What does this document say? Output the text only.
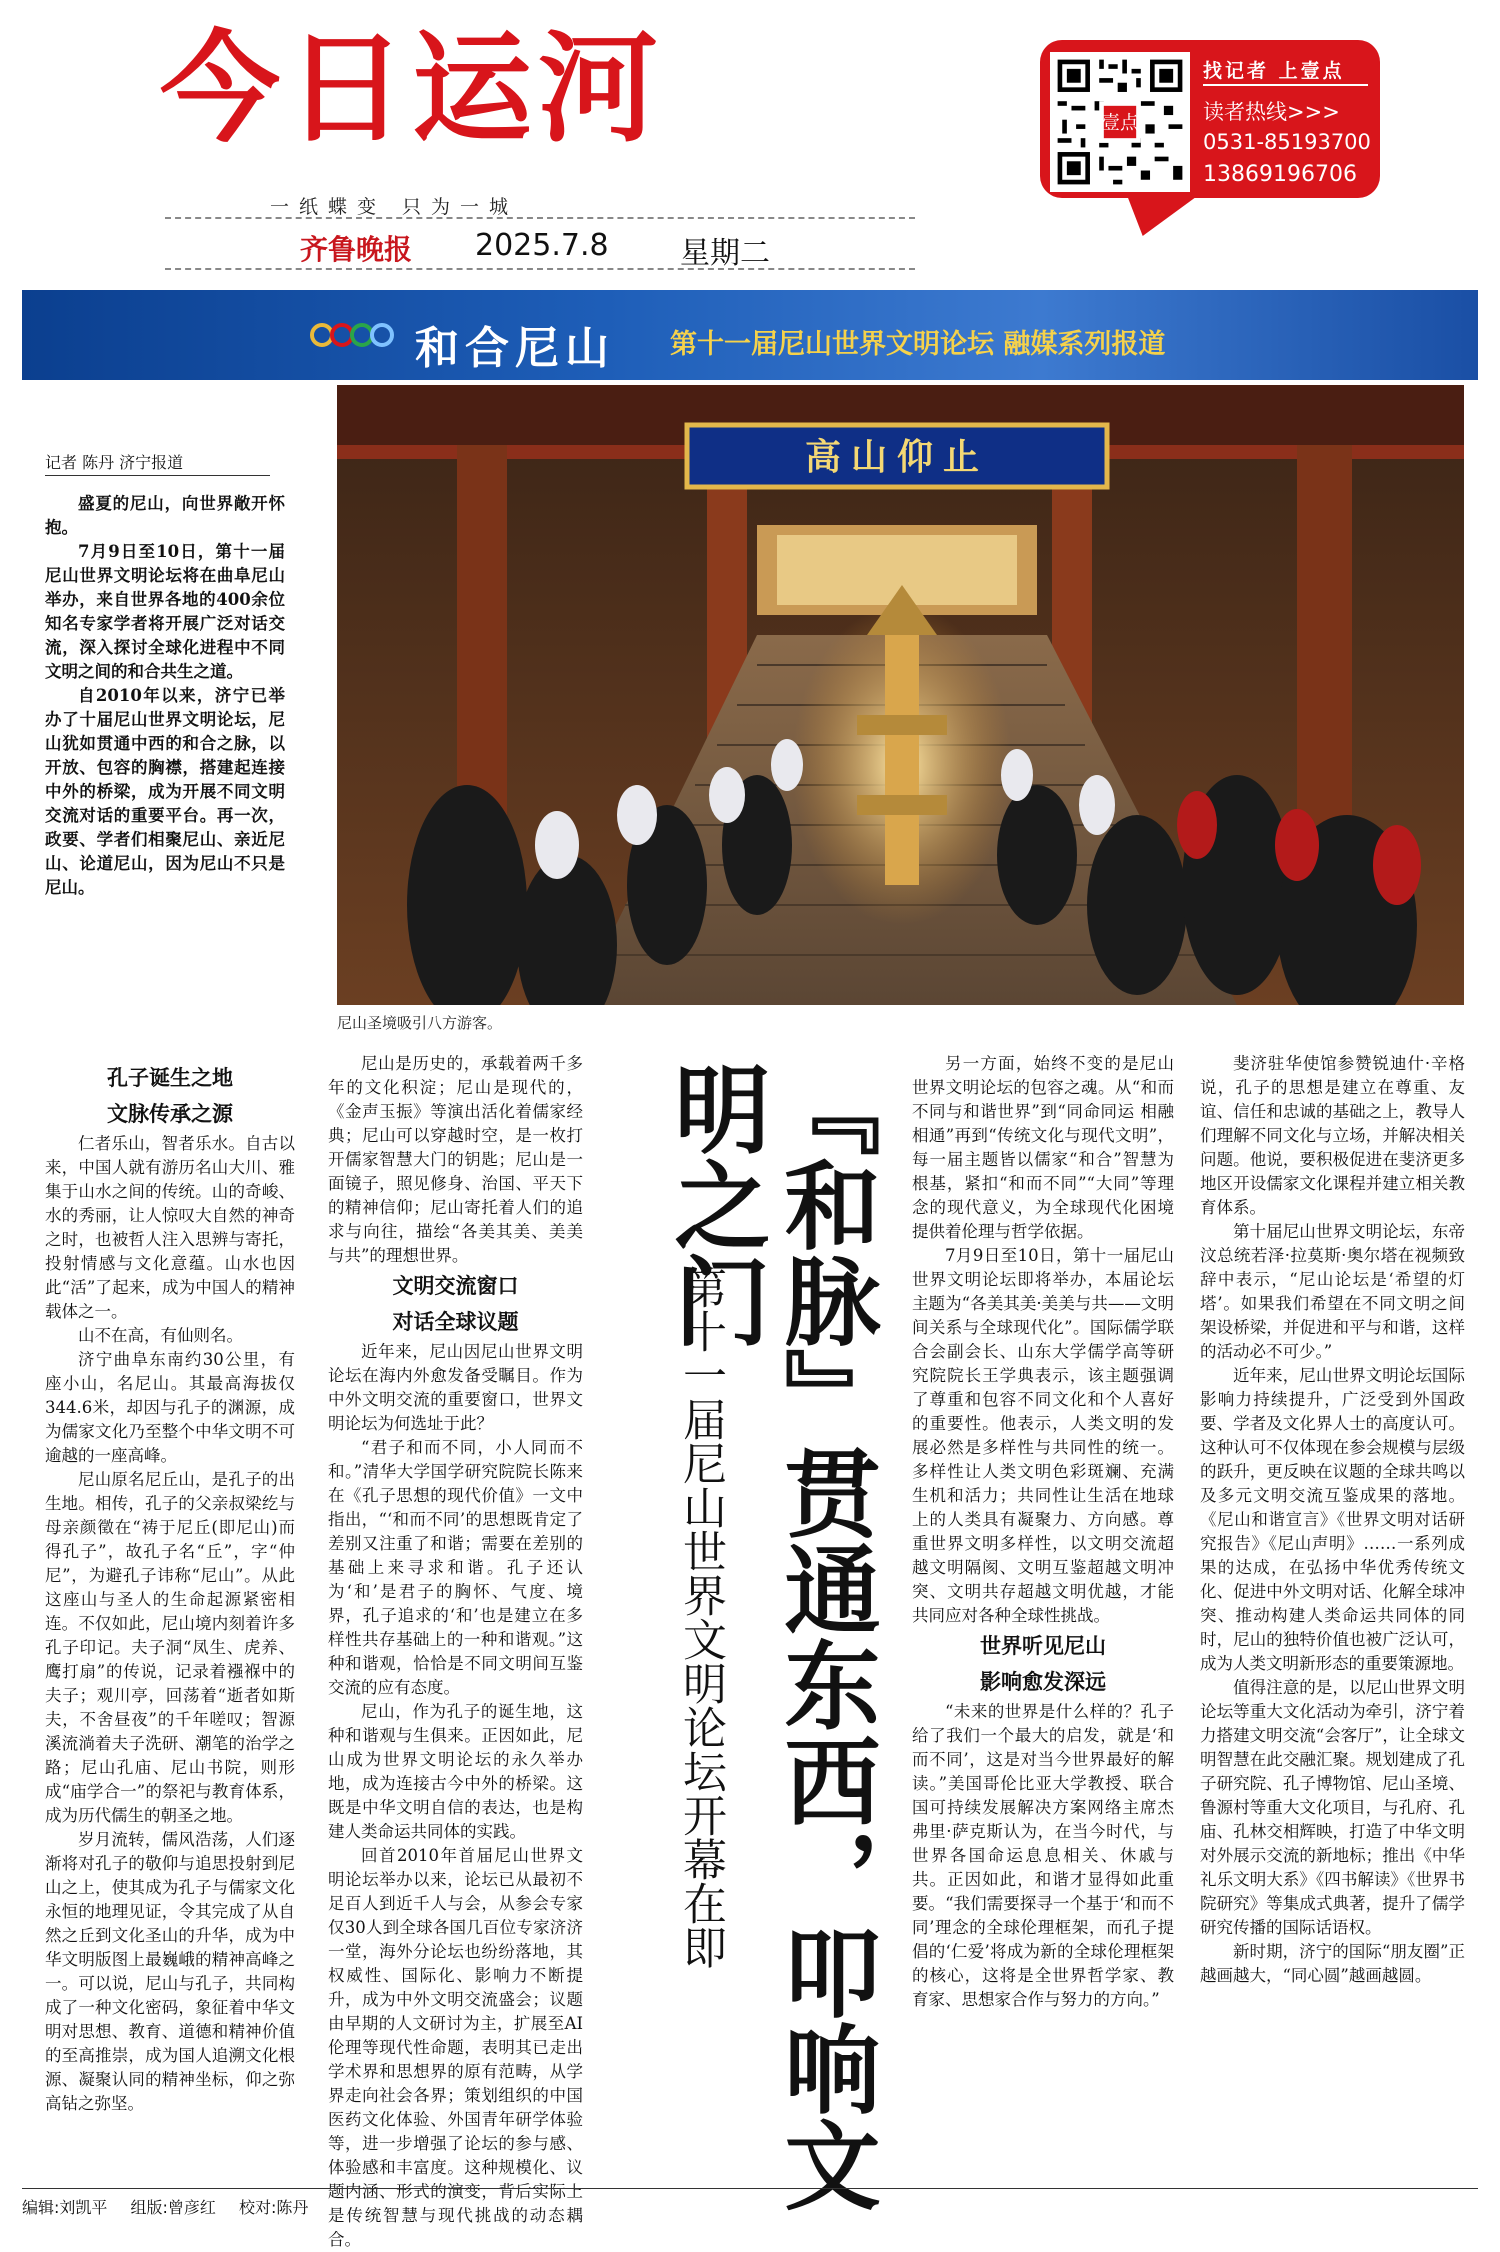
今日运河
一纸蝶变 只为一城
齐鲁晚报 2025.7.8 星期二
壹点
找记者 上壹点
读者热线>>>
0531-85193700
13869196706
和合尼山 第十一届尼山世界文明论坛 融媒系列报道
高山仰止
尼山圣境吸引八方游客。
记者 陈丹 济宁报道

盛夏的尼山，向世界敞开怀抱。

7月9日至10日，第十一届尼山世界文明论坛将在曲阜尼山举办，来自世界各地的400余位知名专家学者将开展广泛对话交流，深入探讨全球化进程中不同文明之间的和合共生之道。

自2010年以来，济宁已举办了十届尼山世界文明论坛，尼山犹如贯通中西的和合之脉，以开放、包容的胸襟，搭建起连接中外的桥梁，成为开展不同文明交流对话的重要平台。再一次，政要、学者们相聚尼山、亲近尼山、论道尼山，因为尼山不只是尼山。

孔子诞生之地

文脉传承之源

仁者乐山，智者乐水。自古以来，中国人就有游历名山大川、雅集于山水之间的传统。山的奇峻、水的秀丽，让人惊叹大自然的神奇之时，也被哲人注入思辨与寄托，投射情感与文化意蕴。山水也因此“活”了起来，成为中国人的精神载体之一。

山不在高，有仙则名。

济宁曲阜东南约30公里，有座小山，名尼山。其最高海拔仅344.6米，却因与孔子的渊源，成为儒家文化乃至整个中华文明不可逾越的一座高峰。

尼山原名尼丘山，是孔子的出生地。相传，孔子的父亲叔梁纥与母亲颜徵在“祷于尼丘(即尼山)而得孔子”，故孔子名“丘”，字“仲尼”，为避孔子讳称“尼山”。从此这座山与圣人的生命起源紧密相连。不仅如此，尼山境内刻着许多孔子印记。夫子洞“凤生、虎养、鹰打扇”的传说，记录着襁褓中的夫子；观川亭，回荡着“逝者如斯夫，不舍昼夜”的千年嗟叹；智源溪流淌着夫子洗研、潮笔的治学之路；尼山孔庙、尼山书院，则形成“庙学合一”的祭祀与教育体系，成为历代儒生的朝圣之地。

岁月流转，儒风浩荡，人们逐渐将对孔子的敬仰与追思投射到尼山之上，使其成为孔子与儒家文化永恒的地理见证，令其完成了从自然之丘到文化圣山的升华，成为中华文明版图上最巍峨的精神高峰之一。可以说，尼山与孔子，共同构成了一种文化密码，象征着中华文明对思想、教育、道德和精神价值的至高推崇，成为国人追溯文化根源、凝聚认同的精神坐标，仰之弥高钻之弥坚。

尼山是历史的，承载着两千多年的文化积淀；尼山是现代的，《金声玉振》等演出活化着儒家经典；尼山可以穿越时空，是一枚打开儒家智慧大门的钥匙；尼山是一面镜子，照见修身、治国、平天下的精神信仰；尼山寄托着人们的追求与向往，描绘“各美其美、美美与共”的理想世界。

文明交流窗口

对话全球议题

近年来，尼山因尼山世界文明论坛在海内外愈发备受瞩目。作为中外文明交流的重要窗口，世界文明论坛为何选址于此？

“君子和而不同，小人同而不和。”清华大学国学研究院院长陈来在《孔子思想的现代价值》一文中指出，“‘和而不同’的思想既肯定了差别又注重了和谐；需要在差别的基础上来寻求和谐。孔子还认为‘和’是君子的胸怀、气度、境界，孔子追求的‘和’也是建立在多样性共存基础上的一种和谐观。”这种和谐观，恰恰是不同文明间互鉴交流的应有态度。

尼山，作为孔子的诞生地，这种和谐观与生俱来。正因如此，尼山成为世界文明论坛的永久举办地，成为连接古今中外的桥梁。这既是中华文明自信的表达，也是构建人类命运共同体的实践。

回首2010年首届尼山世界文明论坛举办以来，论坛已从最初不足百人到近千人与会，从参会专家仅30人到全球各国几百位专家济济一堂，海外分论坛也纷纷落地，其权威性、国际化、影响力不断提升，成为中外文明交流盛会；议题由早期的人文研讨为主，扩展至AI伦理等现代性命题，表明其已走出学术界和思想界的原有范畴，从学界走向社会各界；策划组织的中国医药文化体验、外国青年研学体验等，进一步增强了论坛的参与感、体验感和丰富度。这种规模化、议题内涵、形式的演变，背后实际上是传统智慧与现代挑战的动态耦合。

『和脉』贯通东西，叩响文明之门
第十一届尼山世界文明论坛开幕在即

另一方面，始终不变的是尼山世界文明论坛的包容之魂。从“和而不同与和谐世界”到“同命同运 相融相通”再到“传统文化与现代文明”，每一届主题皆以儒家“和合”智慧为根基，紧扣“和而不同”“大同”等理念的现代意义，为全球现代化困境提供着伦理与哲学依据。

7月9日至10日，第十一届尼山世界文明论坛即将举办，本届论坛主题为“各美其美·美美与共——文明间关系与全球现代化”。国际儒学联合会副会长、山东大学儒学高等研究院院长王学典表示，该主题强调了尊重和包容不同文化和个人喜好的重要性。他表示，人类文明的发展必然是多样性与共同性的统一。多样性让人类文明色彩斑斓、充满生机和活力；共同性让生活在地球上的人类具有凝聚力、方向感。尊重世界文明多样性，以文明交流超越文明隔阂、文明互鉴超越文明冲突、文明共存超越文明优越，才能共同应对各种全球性挑战。

世界听见尼山

影响愈发深远

“未来的世界是什么样的？孔子给了我们一个最大的启发，就是‘和而不同’，这是对当今世界最好的解读。”美国哥伦比亚大学教授、联合国可持续发展解决方案网络主席杰弗里·萨克斯认为，在当今时代，与世界各国命运息息相关、休戚与共。正因如此，和谐才显得如此重要。“我们需要探寻一个基于‘和而不同’理念的全球伦理框架，而孔子提倡的‘仁爱’将成为新的全球伦理框架的核心，这将是全世界哲学家、教育家、思想家合作与努力的方向。”

斐济驻华使馆参赞锐迪什·辛格说，孔子的思想是建立在尊重、友谊、信任和忠诚的基础之上，教导人们理解不同文化与立场，并解决相关问题。他说，要积极促进在斐济更多地区开设儒家文化课程并建立相关教育体系。

第十届尼山世界文明论坛，东帝汶总统若泽·拉莫斯·奥尔塔在视频致辞中表示，“尼山论坛是‘希望的灯塔’。如果我们希望在不同文明之间架设桥梁，并促进和平与和谐，这样的活动必不可少。”

近年来，尼山世界文明论坛国际影响力持续提升，广泛受到外国政要、学者及文化界人士的高度认可。这种认可不仅体现在参会规模与层级的跃升，更反映在议题的全球共鸣以及多元文明交流互鉴成果的落地。《尼山和谐宣言》《世界文明对话研究报告》《尼山声明》……一系列成果的达成，在弘扬中华优秀传统文化、促进中外文明对话、化解全球冲突、推动构建人类命运共同体的同时，尼山的独特价值也被广泛认可，成为人类文明新形态的重要策源地。

值得注意的是，以尼山世界文明论坛等重大文化活动为牵引，济宁着力搭建文明交流“会客厅”，让全球文明智慧在此交融汇聚。规划建成了孔子研究院、孔子博物馆、尼山圣境、鲁源村等重大文化项目，与孔府、孔庙、孔林交相辉映，打造了中华文明对外展示交流的新地标；推出《中华礼乐文明大系》《四书解读》《世界书院研究》等集成式典著，提升了儒学研究传播的国际话语权。

新时期，济宁的国际“朋友圈”正越画越大，“同心圆”越画越圆。

编辑:刘凯平 组版:曾彦红 校对:陈丹
